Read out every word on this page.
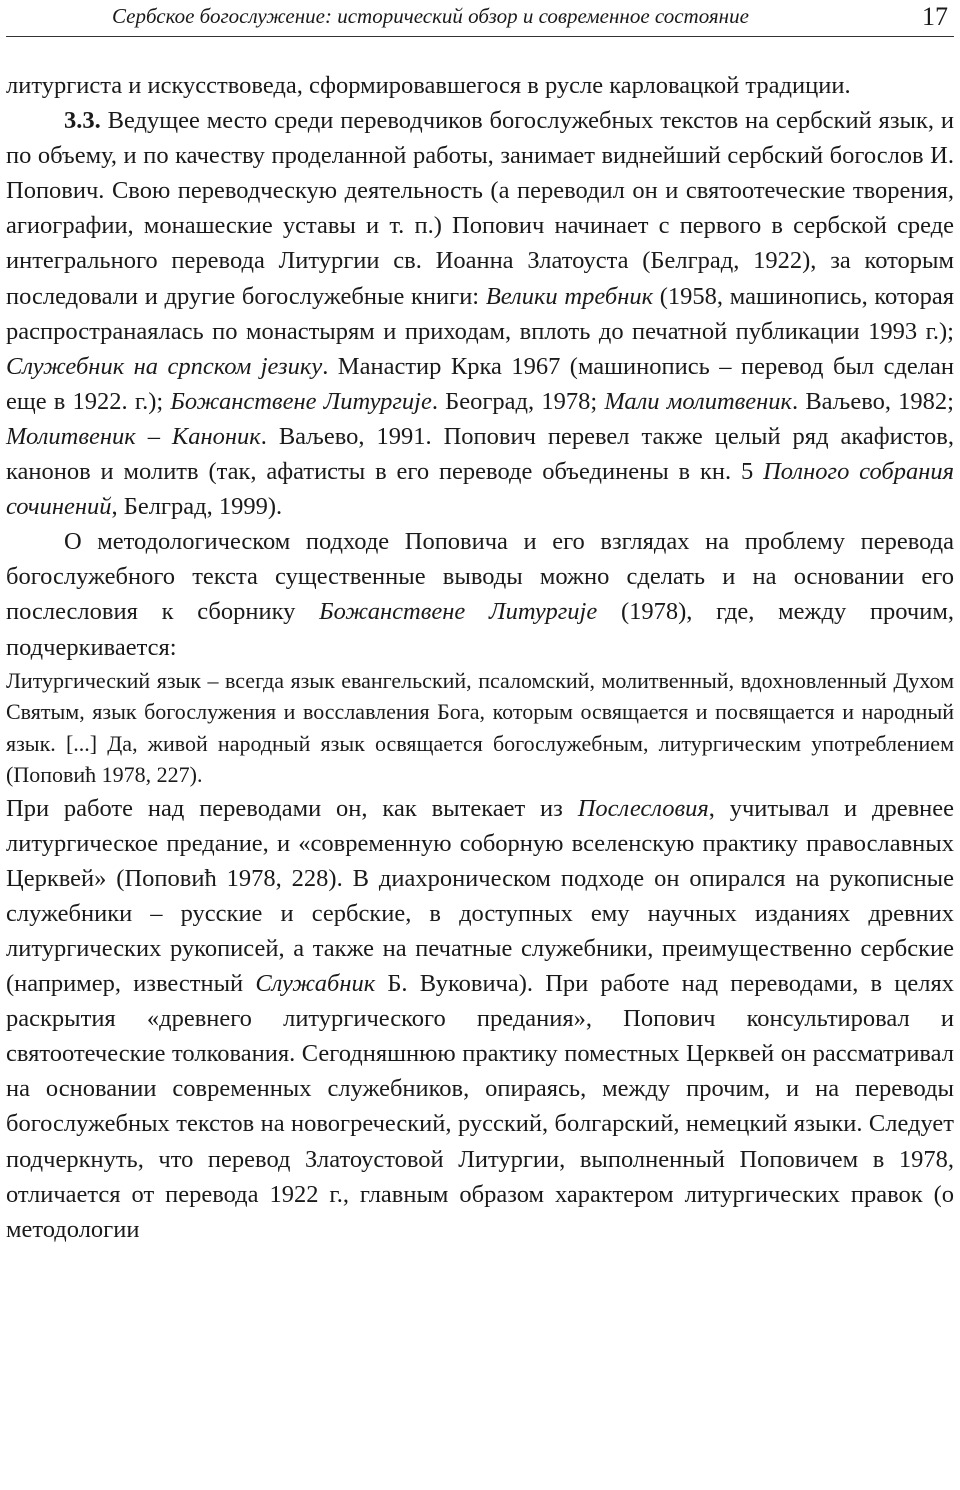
Сербское богослужение: исторический обзор и современное состояние	17

литургиста и искусствоведа, сформировавшегося в русле карловацкой традиции.

3.3. Ведущее место среди переводчиков богослужебных текстов на сербский язык, и по объему, и по качеству проделанной работы, занимает виднейший сербский богослов И. Попович. Свою переводческую деятельность (а переводил он и святоотеческие творения, агиографии, монашеские уставы и т. п.) Попович начинает с первого в сербской среде интегрального перевода Литургии св. Иоанна Златоуста (Белград, 1922), за которым последовали и другие богослужебные книги: Велики требник (1958, машинопись, которая распространаялась по монастырям и приходам, вплоть до печатной публикации 1993 г.); Служебник на српском језику. Манастир Крка 1967 (машинопись – перевод был сделан еще в 1922. г.); Божанствене Литургије. Београд, 1978; Мали молитвеник. Ваљево, 1982; Молитвеник – Каноник. Ваљево, 1991. Попович перевел также целый ряд акафистов, канонов и молитв (так, афатисты в его переводе объединены в кн. 5 Полного собрания сочинений, Белград, 1999).

О методологическом подходе Поповича и его взглядах на проблему перевода богослужебного текста существенные выводы можно сделать и на основании его послесловия к сборнику Божанствене Литургије (1978), где, между прочим, подчеркивается:

Литургический язык – всегда язык евангельский, псаломский, молитвенный, вдохновленный Духом Святым, язык богослужения и восславления Бога, которым освящается и посвящается и народный язык. [...] Да, живой народный язык освящается богослужебным, литургическим употреблением (Поповић 1978, 227).

При работе над переводами он, как вытекает из Послесловия, учитывал и древнее литургическое предание, и «современную соборную вселенскую практику православных Церквей» (Поповић 1978, 228). В диахроническом подходе он опирался на рукописные служебники – русские и сербские, в доступных ему научных изданиях древних литургических рукописей, а также на печатные служебники, преимущественно сербские (например, известный Служабник Б. Вуковича). При работе над переводами, в целях раскрытия «древнего литургического предания», Попович консультировал и святоотеческие толкования. Сегодняшнюю практику поместных Церквей он рассматривал на основании современных служебников, опираясь, между прочим, и на переводы богослужебных текстов на новогреческий, русский, болгарский, немецкий языки. Следует подчеркнуть, что перевод Златоустовой Литургии, выполненный Поповичем в 1978, отличается от перевода 1922 г., главным образом характером литургических правок (о методологии
